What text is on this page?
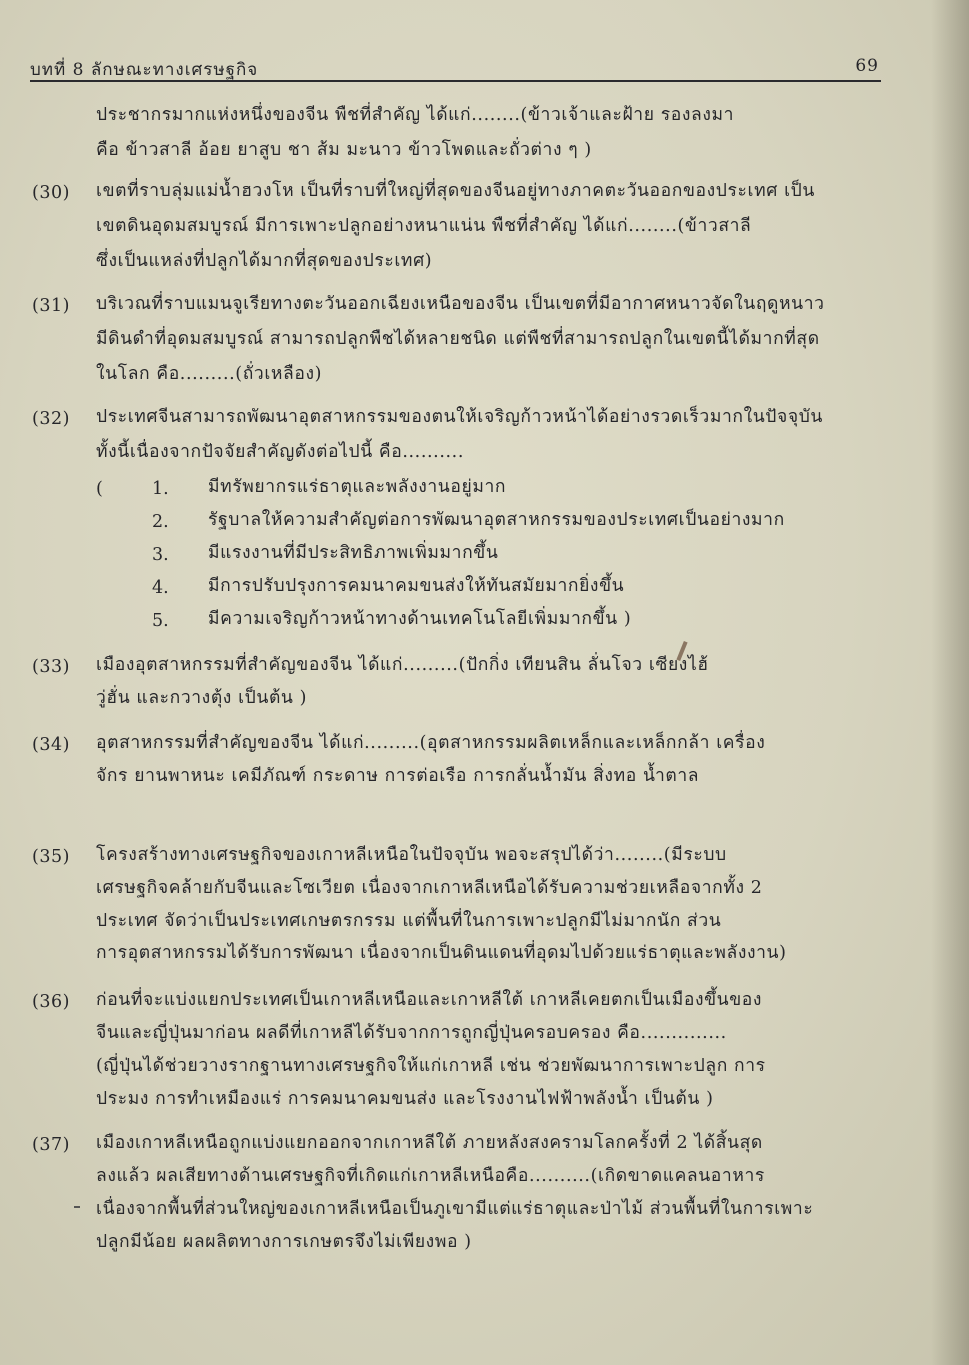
บทที่ 8 ลักษณะทางเศรษฐกิจ	69
ประชากรมากแห่งหนึ่งของจีน พืชที่สำคัญ ได้แก่........(ข้าวเจ้าและฝ้าย รองลงมา
คือ ข้าวสาลี อ้อย ยาสูบ ชา ส้ม มะนาว ข้าวโพดและถั่วต่าง ๆ )
(30) เขตที่ราบลุ่มแม่น้ำฮวงโห เป็นที่ราบที่ใหญ่ที่สุดของจีนอยู่ทางภาคตะวันออกของประเทศ เป็น
เขตดินอุดมสมบูรณ์ มีการเพาะปลูกอย่างหนาแน่น พืชที่สำคัญ ได้แก่........(ข้าวสาลี
ซึ่งเป็นแหล่งที่ปลูกได้มากที่สุดของประเทศ)
(31) บริเวณที่ราบแมนจูเรียทางตะวันออกเฉียงเหนือของจีน เป็นเขตที่มีอากาศหนาวจัดในฤดูหนาว
มีดินดำที่อุดมสมบูรณ์ สามารถปลูกพืชได้หลายชนิด แต่พืชที่สามารถปลูกในเขตนี้ได้มากที่สุด
ในโลก คือ.........(ถั่วเหลือง)
(32) ประเทศจีนสามารถพัฒนาอุตสาหกรรมของตนให้เจริญก้าวหน้าได้อย่างรวดเร็วมากในปัจจุบัน
ทั้งนี้เนื่องจากปัจจัยสำคัญดังต่อไปนี้ คือ..........
(	1. มีทรัพยากรแร่ธาตุและพลังงานอยู่มาก
2. รัฐบาลให้ความสำคัญต่อการพัฒนาอุตสาหกรรมของประเทศเป็นอย่างมาก
3. มีแรงงานที่มีประสิทธิภาพเพิ่มมากขึ้น
4. มีการปรับปรุงการคมนาคมขนส่งให้ทันสมัยมากยิ่งขึ้น
5. มีความเจริญก้าวหน้าทางด้านเทคโนโลยีเพิ่มมากขึ้น )
(33) เมืองอุตสาหกรรมที่สำคัญของจีน ได้แก่.........(ปักกิ่ง เทียนสิน ลั่นโจว เซียงไฮ้
วู่ฮั่น และกวางตุ้ง เป็นต้น )
(34) อุตสาหกรรมที่สำคัญของจีน ได้แก่.........(อุตสาหกรรมผลิตเหล็กและเหล็กกล้า เครื่อง
จักร ยานพาหนะ เคมีภัณฑ์ กระดาษ การต่อเรือ การกลั่นน้ำมัน สิ่งทอ น้ำตาล
(35) โครงสร้างทางเศรษฐกิจของเกาหลีเหนือในปัจจุบัน พอจะสรุปได้ว่า........(มีระบบ
เศรษฐกิจคล้ายกับจีนและโซเวียต เนื่องจากเกาหลีเหนือได้รับความช่วยเหลือจากทั้ง 2
ประเทศ จัดว่าเป็นประเทศเกษตรกรรม แต่พื้นที่ในการเพาะปลูกมีไม่มากนัก ส่วน
การอุตสาหกรรมได้รับการพัฒนา เนื่องจากเป็นดินแดนที่อุดมไปด้วยแร่ธาตุและพลังงาน)
(36) ก่อนที่จะแบ่งแยกประเทศเป็นเกาหลีเหนือและเกาหลีใต้ เกาหลีเคยตกเป็นเมืองขึ้นของ
จีนและญี่ปุ่นมาก่อน ผลดีที่เกาหลีได้รับจากการถูกญี่ปุ่นครอบครอง คือ..............
(ญี่ปุ่นได้ช่วยวางรากฐานทางเศรษฐกิจให้แก่เกาหลี เช่น ช่วยพัฒนาการเพาะปลูก การ
ประมง การทำเหมืองแร่ การคมนาคมขนส่ง และโรงงานไฟฟ้าพลังน้ำ เป็นต้น )
(37) เมืองเกาหลีเหนือถูกแบ่งแยกออกจากเกาหลีใต้ ภายหลังสงครามโลกครั้งที่ 2 ได้สิ้นสุด
ลงแล้ว ผลเสียทางด้านเศรษฐกิจที่เกิดแก่เกาหลีเหนือคือ..........(เกิดขาดแคลนอาหาร
เนื่องจากพื้นที่ส่วนใหญ่ของเกาหลีเหนือเป็นภูเขามีแต่แร่ธาตุและป่าไม้ ส่วนพื้นที่ในการเพาะ
ปลูกมีน้อย ผลผลิตทางการเกษตรจึงไม่เพียงพอ )
